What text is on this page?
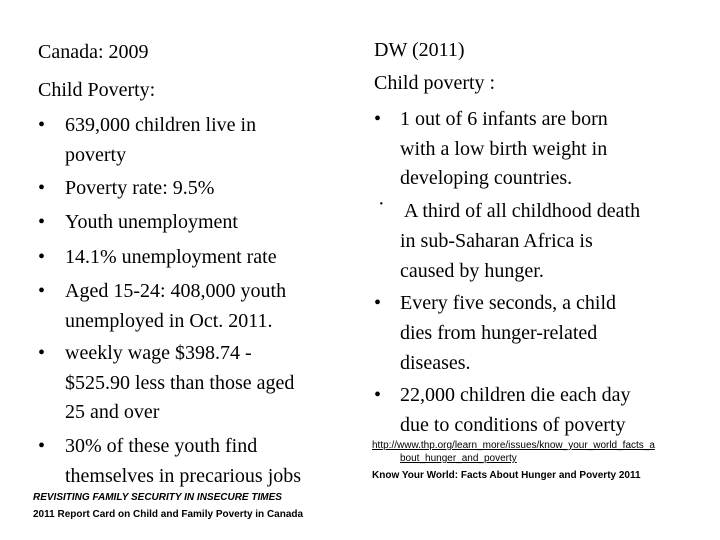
Canada: 2009
Child Poverty:
• 639,000 children live in
poverty
• Poverty rate: 9.5%
• Youth unemployment
• 14.1% unemployment rate
• Aged 15-24: 408,000 youth
unemployed in Oct. 2011.
• weekly wage $398.74 -
$525.90 less than those aged
25 and over
• 30% of these youth find
themselves in precarious jobs
REVISITING FAMILY SECURITY IN INSECURE TIMES
2011 Report Card on Child and Family Poverty in Canada
DW (2011)
Child poverty :
• 1 out of 6 infants are born
with a low birth weight in
developing countries.
· A third of all childhood death
in sub-Saharan Africa is
caused by hunger.
• Every five seconds, a child
dies from hunger-related
diseases.
• 22,000 children die each day
due to conditions of poverty
http://www.thp.org/learn_more/issues/know_your_world_facts_a
bout_hunger_and_poverty
Know Your World: Facts About Hunger and Poverty 2011
